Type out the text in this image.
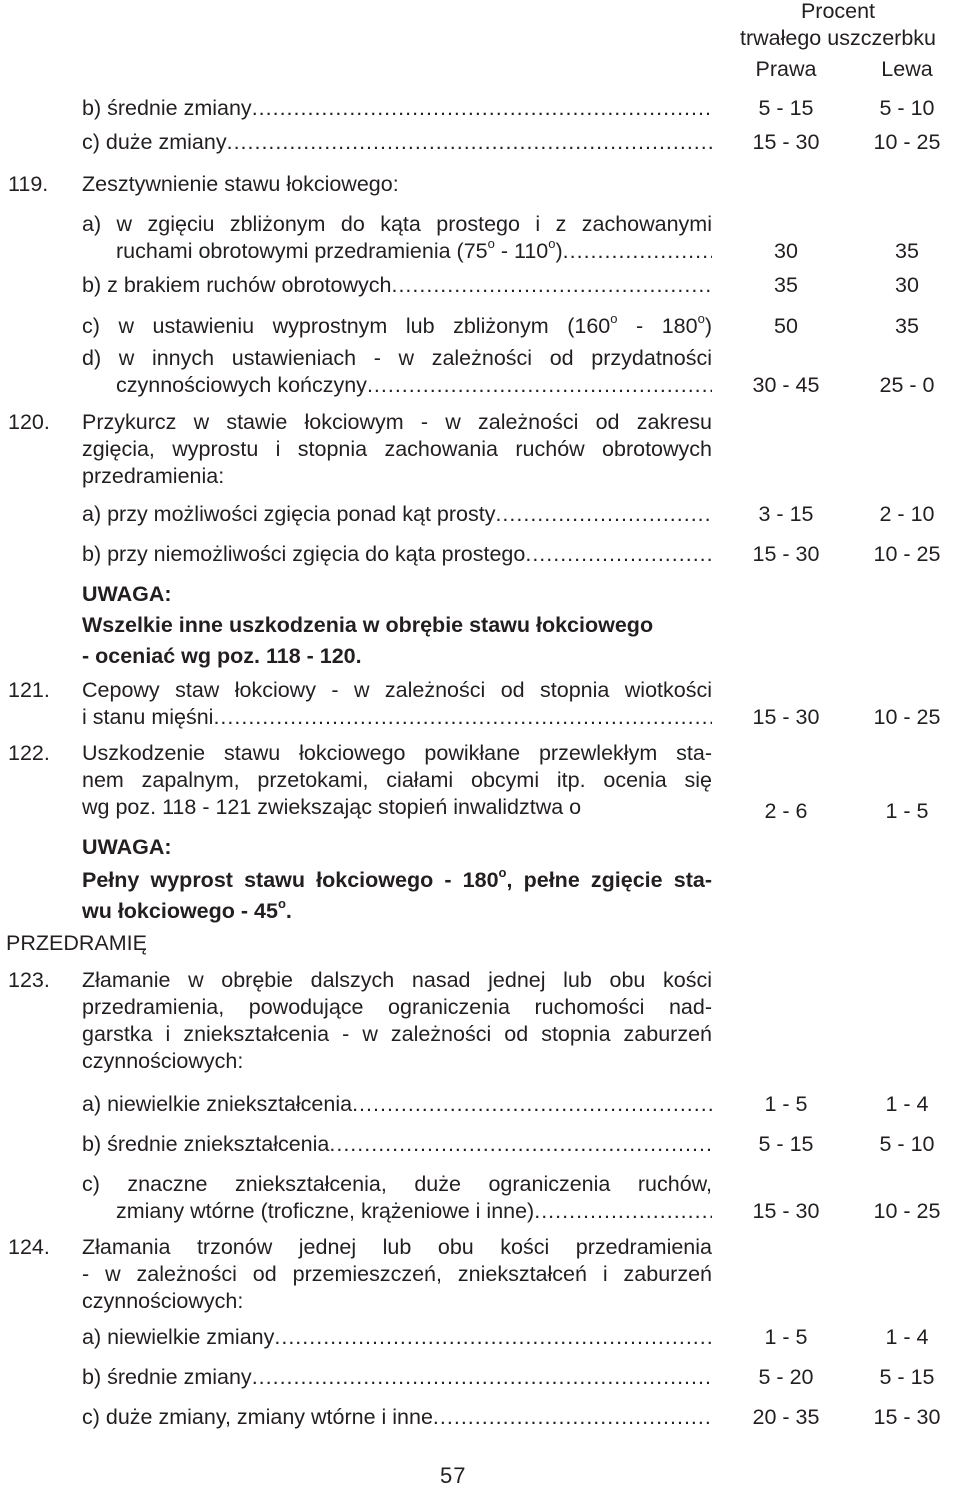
Procent
trwałego uszczerbku
Prawa	Lewa
b) średnie zmiany .....	5 - 15	5 - 10
c) duże zmiany .....	15 - 30	10 - 25
119. Zesztywnienie stawu łokciowego:
a) w zgięciu zbliżonym do kąta prostego i z zachowanymi
ruchami obrotowymi przedramienia (75$^o$ - 110$^o$) .....	30	35
b) z brakiem ruchów obrotowych .....	35	30
c) w ustawieniu wyprostnym lub zbliżonym (160$^o$ - 180$^o$)	50	35
d) w innych ustawieniach - w zależności od przydatności
czynnościowych kończyny .....	30 - 45	25 - 0
120. Przykurcz w stawie łokciowym - w zależności od zakresu
zgięcia, wyprostu i stopnia zachowania ruchów obrotowych
przedramienia:
a) przy możliwości zgięcia ponad kąt prosty .....	3 - 15	2 - 10
b) przy niemożliwości zgięcia do kąta prostego .....	15 - 30	10 - 25
UWAGA:
Wszelkie inne uszkodzenia w obrębie stawu łokciowego
- oceniać wg poz. 118 - 120.
121. Cepowy staw łokciowy - w zależności od stopnia wiotkości
i stanu mięśni .....	15 - 30	10 - 25
122. Uszkodzenie stawu łokciowego powikłane przewlekłym sta-
nem zapalnym, przetokami, ciałami obcymi itp. ocenia się
wg poz. 118 - 121 zwiekszając stopień inwalidztwa o	2 - 6	1 - 5
UWAGA:
Pełny wyprost stawu łokciowego - 180$^o$, pełne zgięcie sta-
wu łokciowego - 45$^o$.
PRZEDRAMIĘ
123. Złamanie w obrębie dalszych nasad jednej lub obu kości
przedramienia, powodujące ograniczenia ruchomości nad-
garstka i zniekształcenia - w zależności od stopnia zaburzeń
czynnościowych:
a) niewielkie zniekształcenia .....	1 - 5	1 - 4
b) średnie zniekształcenia .....	5 - 15	5 - 10
c) znaczne zniekształcenia, duże ograniczenia ruchów,
zmiany wtórne (troficzne, krążeniowe i inne) .....	15 - 30	10 - 25
124. Złamania trzonów jednej lub obu kości przedramienia
- w zależności od przemieszczeń, zniekształceń i zaburzeń
czynnościowych:
a) niewielkie zmiany .....	1 - 5	1 - 4
b) średnie zmiany .....	5 - 20	5 - 15
c) duże zmiany, zmiany wtórne i inne .....	20 - 35	15 - 30
57
